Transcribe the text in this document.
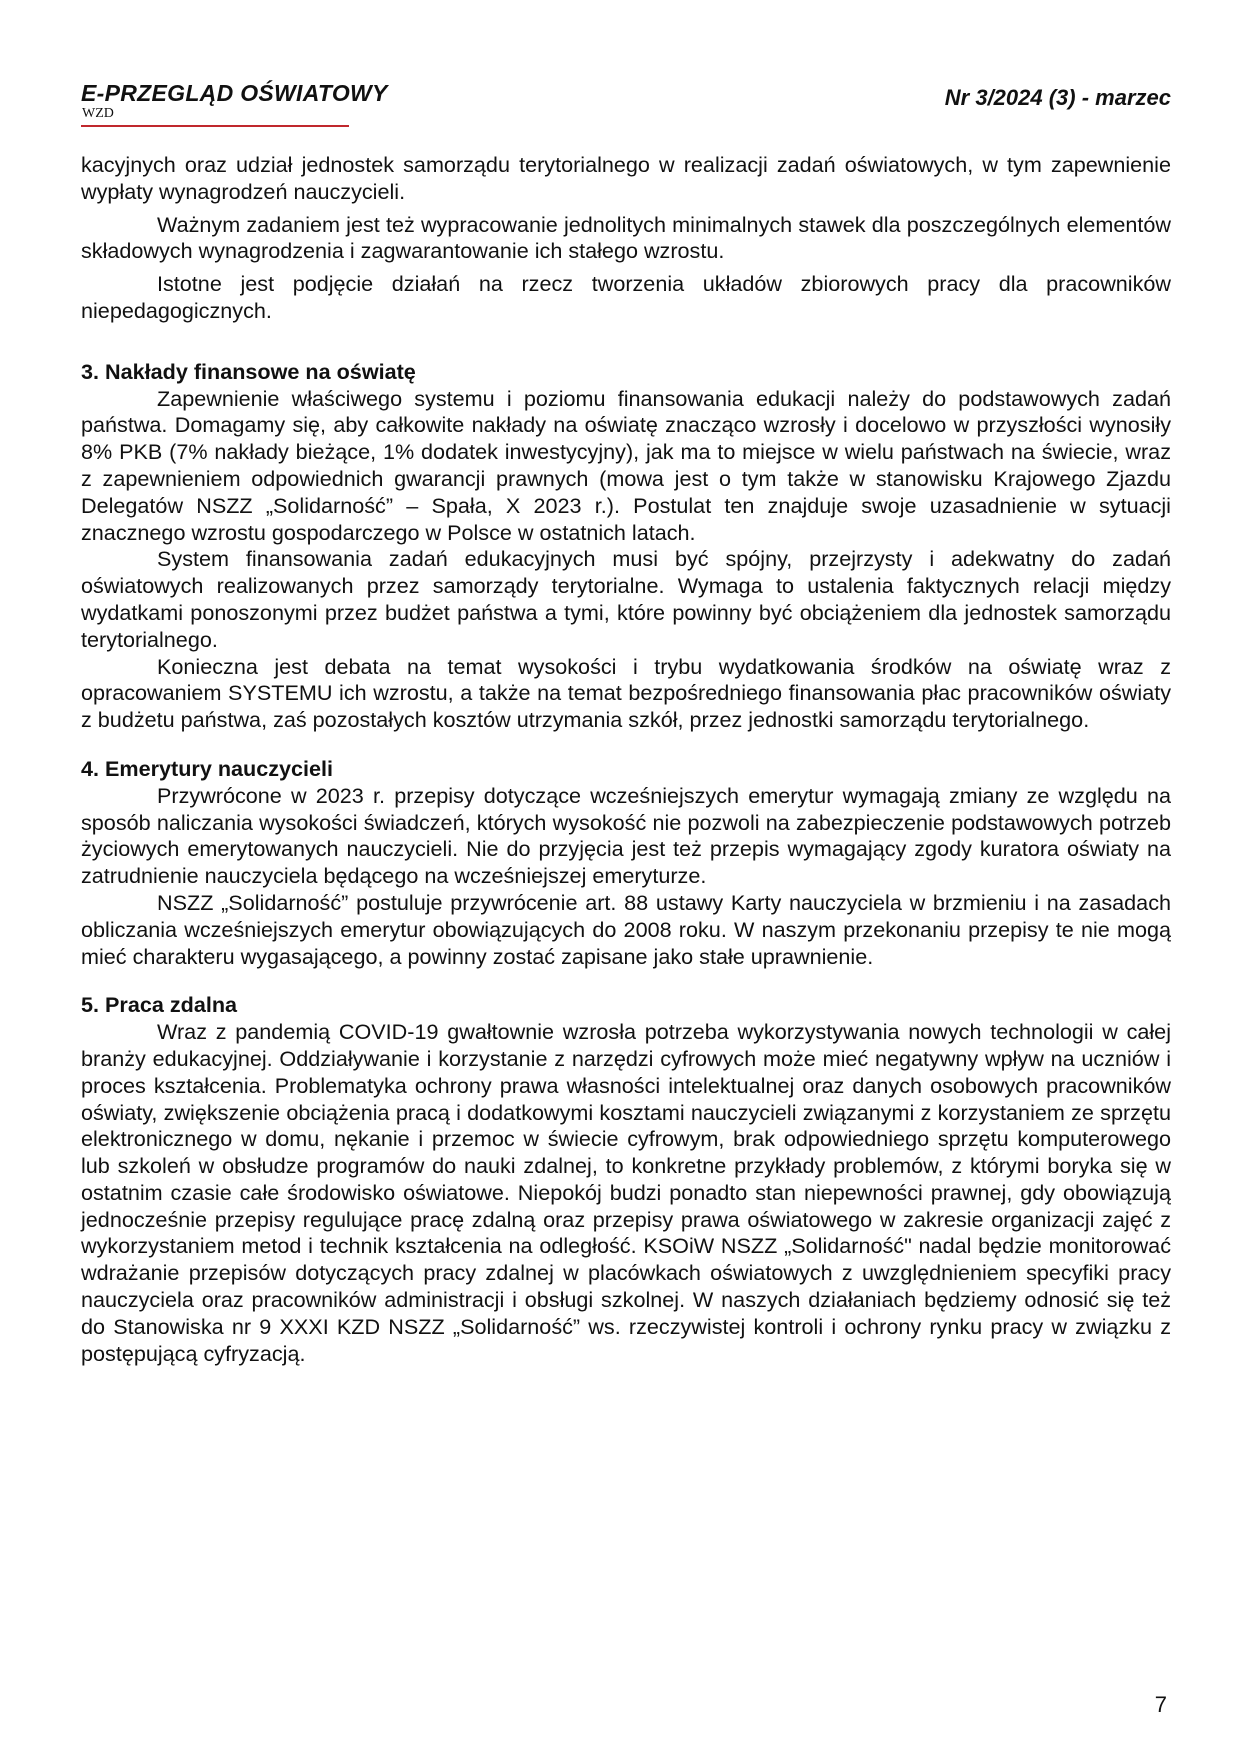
E-PRZEGLĄD OŚWIATOWY
WZD
Nr 3/2024 (3) - marzec

kacyjnych oraz udział jednostek samorządu terytorialnego w realizacji zadań oświatowych, w tym zapewnienie wypłaty wynagrodzeń nauczycieli.

Ważnym zadaniem jest też wypracowanie jednolitych minimalnych stawek dla poszczególnych elementów składowych wynagrodzenia i zagwarantowanie ich stałego wzrostu.

Istotne jest podjęcie działań na rzecz tworzenia układów zbiorowych pracy dla pracowników niepedagogicznych.

3. Nakłady finansowe na oświatę

Zapewnienie właściwego systemu i poziomu finansowania edukacji należy do podstawowych zadań państwa. Domagamy się, aby całkowite nakłady na oświatę znacząco wzrosły i docelowo w przyszłości wynosiły 8% PKB (7% nakłady bieżące, 1% dodatek inwestycyjny), jak ma to miejsce w wielu państwach na świecie, wraz z zapewnieniem odpowiednich gwarancji prawnych (mowa jest o tym także w stanowisku Krajowego Zjazdu Delegatów NSZZ „Solidarność” – Spała, X 2023 r.). Postulat ten znajduje swoje uzasadnienie w sytuacji znacznego wzrostu gospodarczego w Polsce w ostatnich latach.

System finansowania zadań edukacyjnych musi być spójny, przejrzysty i adekwatny do zadań oświatowych realizowanych przez samorządy terytorialne. Wymaga to ustalenia faktycznych relacji między wydatkami ponoszonymi przez budżet państwa a tymi, które powinny być obciążeniem dla jednostek samorządu terytorialnego.

Konieczna jest debata na temat wysokości i trybu wydatkowania środków na oświatę wraz z opracowaniem SYSTEMU ich wzrostu, a także na temat bezpośredniego finansowania płac pracowników oświaty z budżetu państwa, zaś pozostałych kosztów utrzymania szkół, przez jednostki samorządu terytorialnego.

4. Emerytury nauczycieli

Przywrócone w 2023 r. przepisy dotyczące wcześniejszych emerytur wymagają zmiany ze względu na sposób naliczania wysokości świadczeń, których wysokość nie pozwoli na zabezpieczenie podstawowych potrzeb życiowych emerytowanych nauczycieli. Nie do przyjęcia jest też przepis wymagający zgody kuratora oświaty na zatrudnienie nauczyciela będącego na wcześniejszej emeryturze.

NSZZ „Solidarność” postuluje przywrócenie art. 88 ustawy Karty nauczyciela w brzmieniu i na zasadach obliczania wcześniejszych emerytur obowiązujących do 2008 roku. W naszym przekonaniu przepisy te nie mogą mieć charakteru wygasającego, a powinny zostać zapisane jako stałe uprawnienie.

5. Praca zdalna

Wraz z pandemią COVID-19 gwałtownie wzrosła potrzeba wykorzystywania nowych technologii w całej branży edukacyjnej. Oddziaływanie i korzystanie z narzędzi cyfrowych może mieć negatywny wpływ na uczniów i proces kształcenia. Problematyka ochrony prawa własności intelektualnej oraz danych osobowych pracowników oświaty, zwiększenie obciążenia pracą i dodatkowymi kosztami nauczycieli związanymi z korzystaniem ze sprzętu elektronicznego w domu, nękanie i przemoc w świecie cyfrowym, brak odpowiedniego sprzętu komputerowego lub szkoleń w obsłudze programów do nauki zdalnej, to konkretne przykłady problemów, z którymi boryka się w ostatnim czasie całe środowisko oświatowe. Niepokój budzi ponadto stan niepewności prawnej, gdy obowiązują jednocześnie przepisy regulujące pracę zdalną oraz przepisy prawa oświatowego w zakresie organizacji zajęć z wykorzystaniem metod i technik kształcenia na odległość. KSOiW NSZZ „Solidarność" nadal będzie monitorować wdrażanie przepisów dotyczących pracy zdalnej w placówkach oświatowych z uwzględnieniem specyfiki pracy nauczyciela oraz pracowników administracji i obsługi szkolnej. W naszych działaniach będziemy odnosić się też do Stanowiska nr 9 XXXI KZD NSZZ „Solidarność” ws. rzeczywistej kontroli i ochrony rynku pracy w związku z postępującą cyfryzacją.

7
